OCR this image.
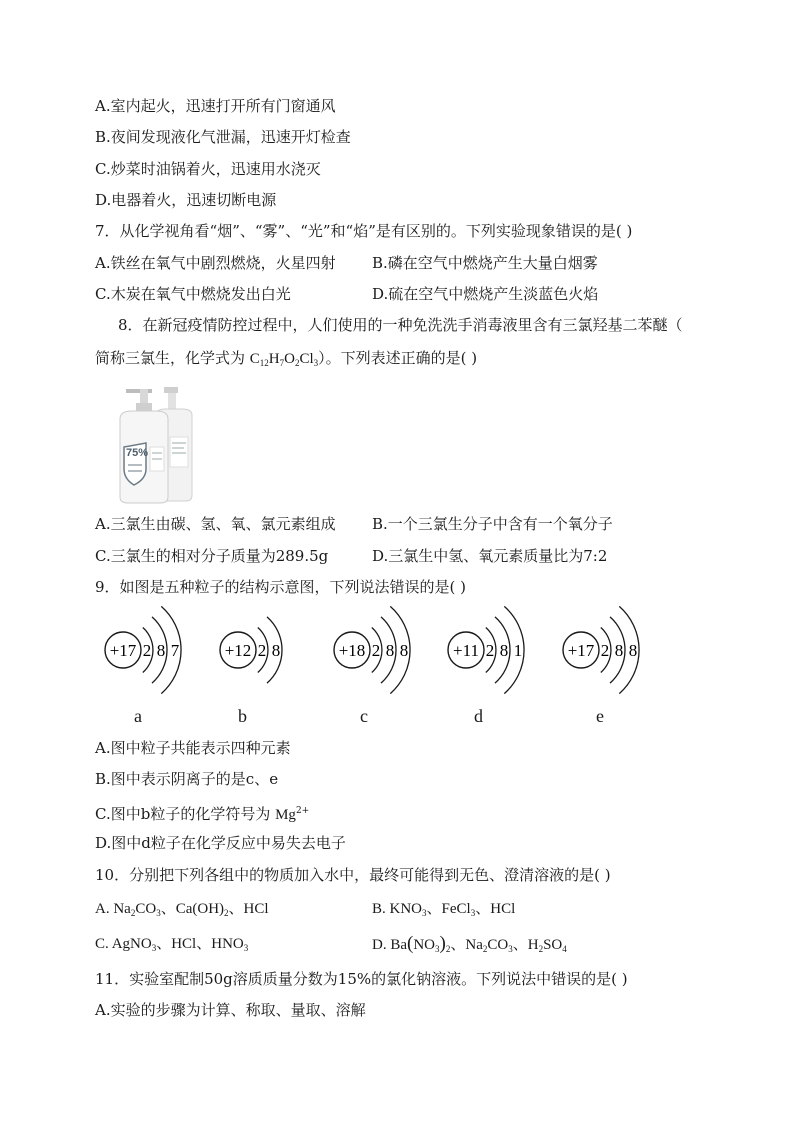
A.室内起火，迅速打开所有门窗通风
B.夜间发现液化气泄漏，迅速开灯检查
C.炒菜时油锅着火，迅速用水浇灭
D.电器着火，迅速切断电源
7．从化学视角看“烟”、“雾”、“光”和“焰”是有区别的。下列实验现象错误的是( )
A.铁丝在氧气中剧烈燃烧，火星四射 B.磷在空气中燃烧产生大量白烟雾
C.木炭在氧气中燃烧发出白光	D.硫在空气中燃烧产生淡蓝色火焰
8．在新冠疫情防控过程中，人们使用的一种免洗洗手消毒液里含有三氯羟基二苯醚（
简称三氯生，化学式为 $C_{12}H_7O_2Cl_3$）。下列表述正确的是( )
75%
A.三氯生由碳、氢、氧、氯元素组成 B.一个三氯生分子中含有一个氧分子
C.三氯生的相对分子质量为289.5g	D.三氯生中氢、氧元素质量比为7:2
9．如图是五种粒子的结构示意图，下列说法错误的是( )
+17 2 8 7	+12 2 8	+18 2 8 8	+11 2 8 1	+17 2 8 8
a	b	c	d	e
A.图中粒子共能表示四种元素
B.图中表示阴离子的是c、e
C.图中b粒子的化学符号为 $Mg^{2+}$
D.图中d粒子在化学反应中易失去电子
10．分别把下列各组中的物质加入水中，最终可能得到无色、澄清溶液的是( )
A. $Na_2CO_3$、$Ca(OH)_2$、HCl	B. $KNO_3$、FeCl$_3$、HCl
C. AgNO$_3$、HCl、$HNO_3$	D. $Ba(NO_3)_2$、$Na_2CO_3$、$H_2SO_4$
11．实验室配制50g溶质质量分数为15%的氯化钠溶液。下列说法中错误的是( )
A.实验的步骤为计算、称取、量取、溶解
